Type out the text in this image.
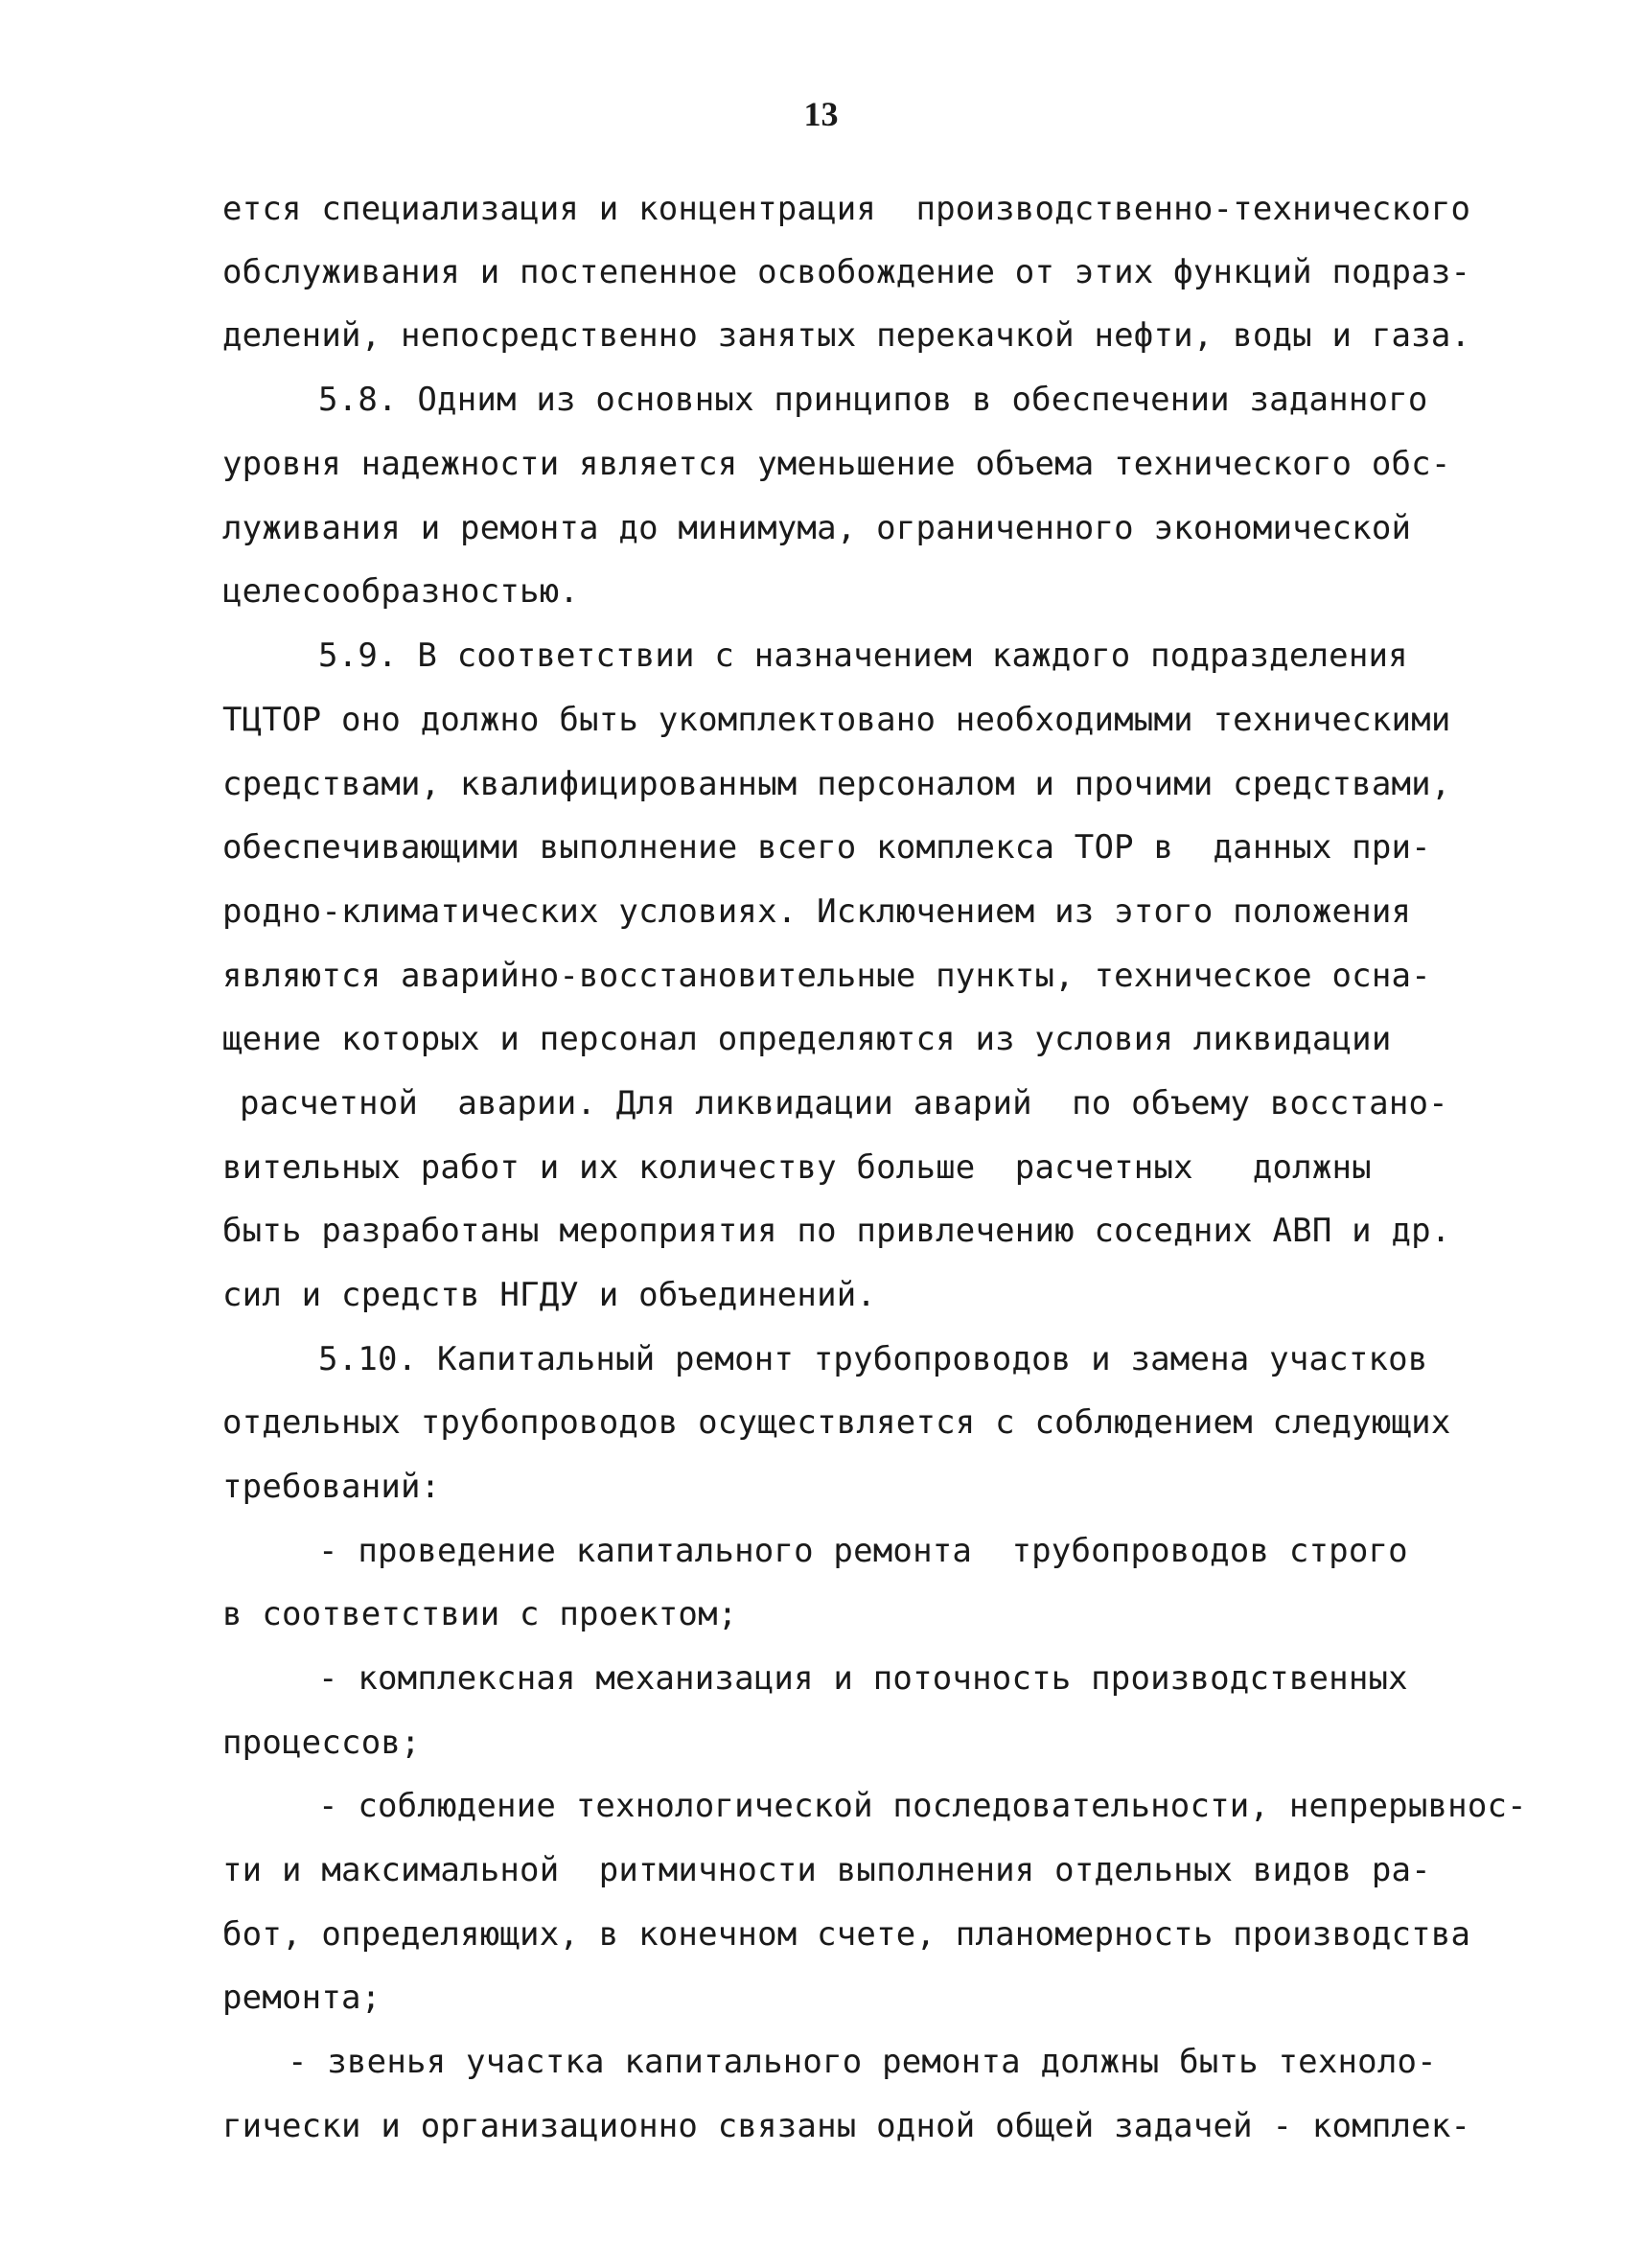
13
ется специализация и концентрация  производственно-технического
обслуживания и постепенное освобождение от этих функций подраз-
делений, непосредственно занятых перекачкой нефти, воды и газа.
5.8. Одним из основных принципов в обеспечении заданного
уровня надежности является уменьшение объема технического обс-
луживания и ремонта до минимума, ограниченного экономической
целесообразностью.
5.9. В соответствии с назначением каждого подразделения
ТЦТОР оно должно быть укомплектовано необходимыми техническими
средствами, квалифицированным персоналом и прочими средствами,
обеспечивающими выполнение всего комплекса ТОР в  данных при-
родно-климатических условиях. Исключением из этого положения
являются аварийно-восстановительные пункты, техническое осна-
щение которых и персонал определяются из условия ликвидации
расчетной  аварии. Для ликвидации аварий  по объему восстано-
вительных работ и их количеству больше  расчетных   должны
быть разработаны мероприятия по привлечению соседних АВП и др.
сил и средств НГДУ и объединений.
5.10. Капитальный ремонт трубопроводов и замена участков
отдельных трубопроводов осуществляется с соблюдением следующих
требований:
- проведение капитального ремонта  трубопроводов строго
в соответствии с проектом;
- комплексная механизация и поточность производственных
процессов;
- соблюдение технологической последовательности, непрерывнос-
ти и максимальной  ритмичности выполнения отдельных видов ра-
бот, определяющих, в конечном счете, планомерность производства
ремонта;
- звенья участка капитального ремонта должны быть техноло-
гически и организационно связаны одной общей задачей - комплек-
